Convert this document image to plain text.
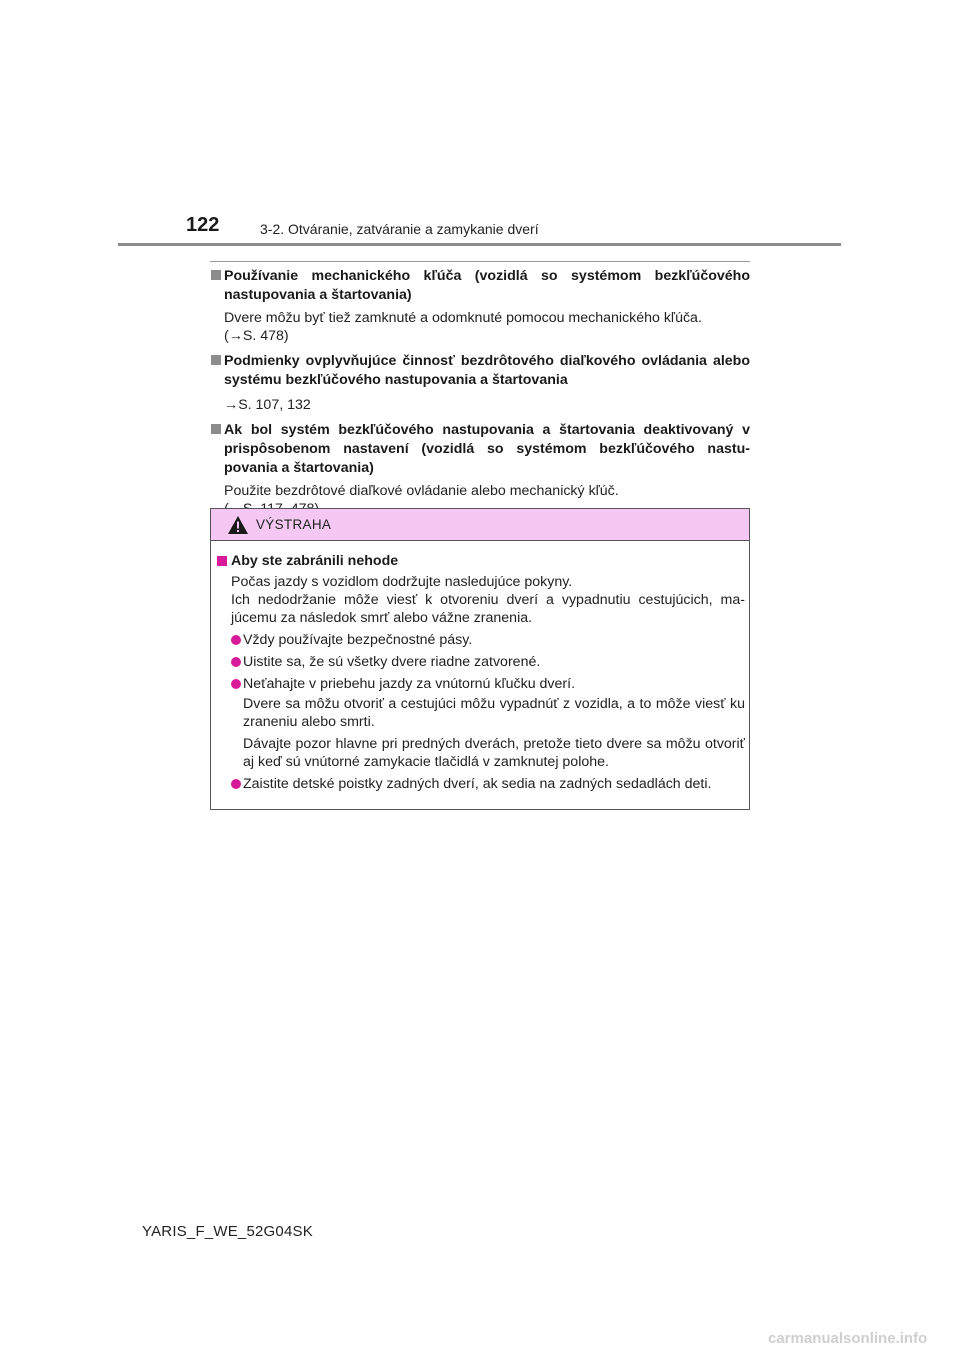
122	3-2. Otváranie, zatváranie a zamykanie dverí
Používanie mechanického kľúča (vozidlá so systémom bezkľúčového nastupovania a štartovania)
Dvere môžu byť tiež zamknuté a odomknuté pomocou mechanického kľúča.
(→S. 478)
Podmienky ovplyvňujúce činnosť bezdrôtového diaľkového ovládania alebo systému bezkľúčového nastupovania a štartovania
→S. 107, 132
Ak bol systém bezkľúčového nastupovania a štartovania deaktivovaný v prispôsobenom nastavení (vozidlá so systémom bezkľúčového nastu-povania a štartovania)
Použite bezdrôtové diaľkové ovládanie alebo mechanický kľúč.
VÝSTRAHA
Aby ste zabránili nehode
Počas jazdy s vozidlom dodržujte nasledujúce pokyny.
Ich nedodržanie môže viesť k otvoreniu dverí a vypadnutiu cestujúcich, ma-júcemu za následok smrť alebo vážne zranenia.
Vždy používajte bezpečnostné pásy.
Uistite sa, že sú všetky dvere riadne zatvorené.
Neťahajte v priebehu jazdy za vnútornú kľučku dverí.
Dvere sa môžu otvoriť a cestujúci môžu vypadnúť z vozidla, a to môže viesť ku zraneniu alebo smrti.
Dávajte pozor hlavne pri predných dverách, pretože tieto dvere sa môžu otvoriť aj keď sú vnútorné zamykacie tlačidlá v zamknutej polohe.
Zaistite detské poistky zadných dverí, ak sedia na zadných sedadlách deti.
YARIS_F_WE_52G04SK
carmanualsonline.info
